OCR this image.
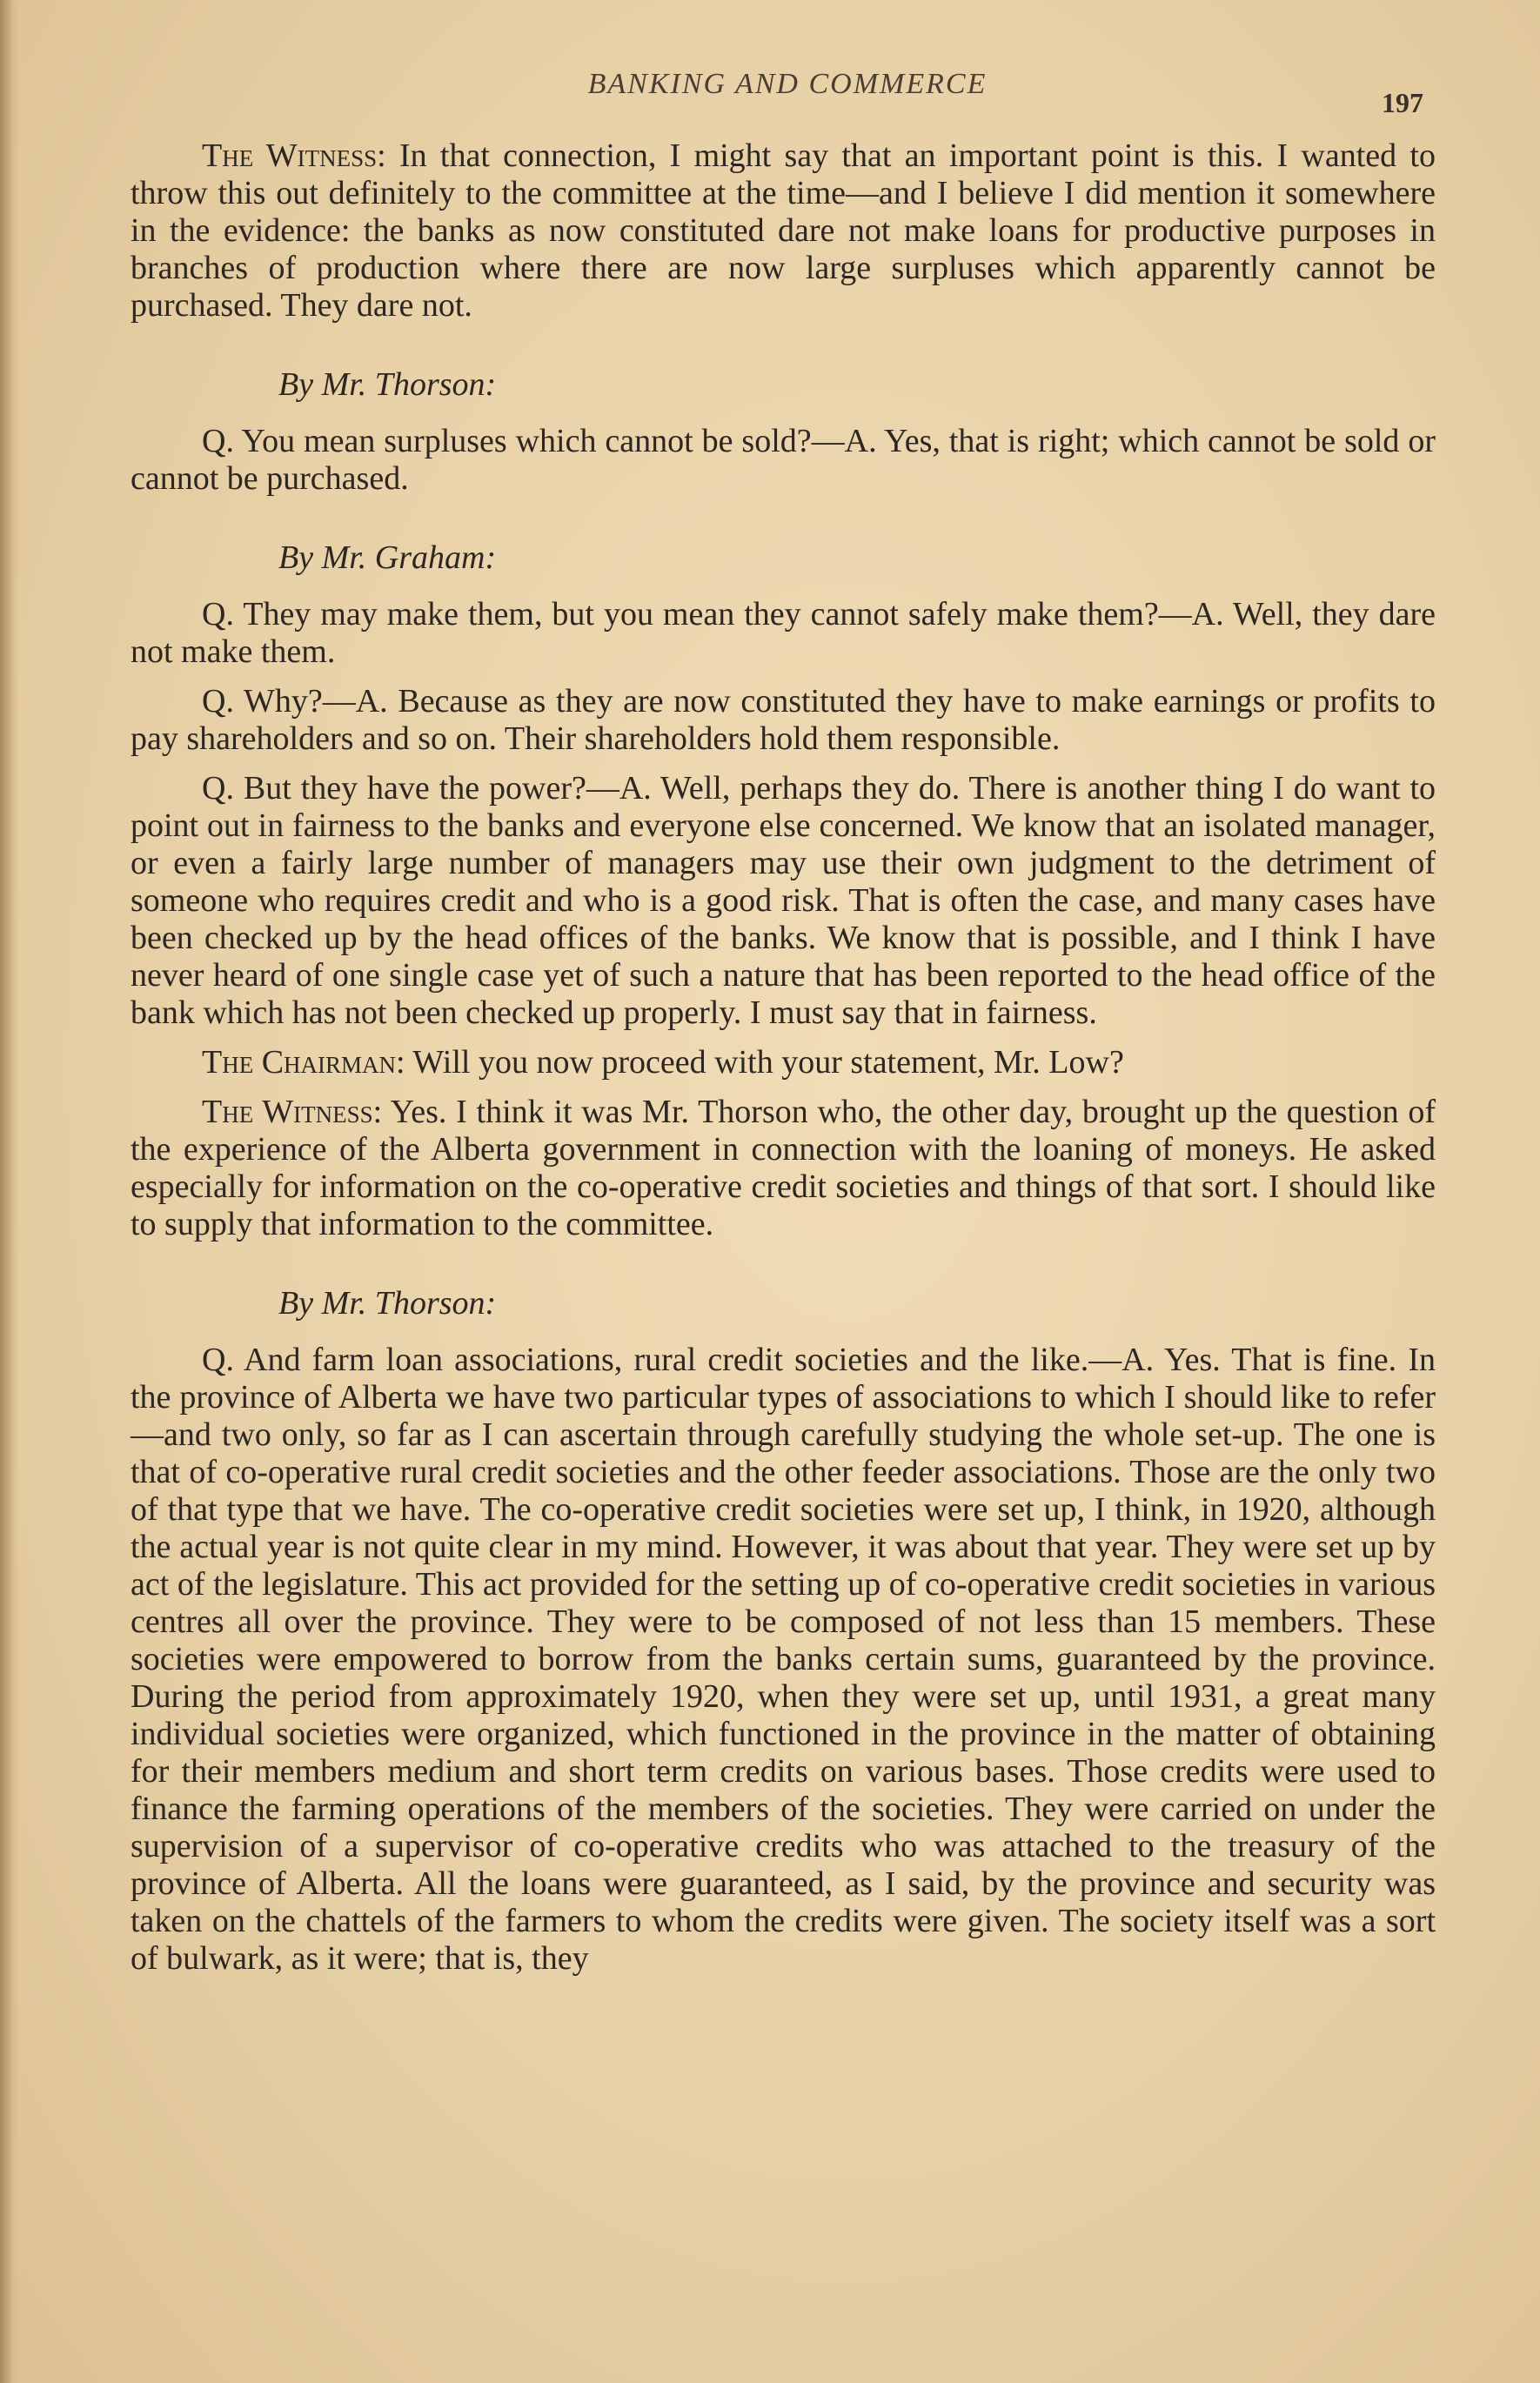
BANKING AND COMMERCE
197

The Witness: In that connection, I might say that an important point is this. I wanted to throw this out definitely to the committee at the time—and I believe I did mention it somewhere in the evidence: the banks as now constituted dare not make loans for productive purposes in branches of production where there are now large surpluses which apparently cannot be purchased. They dare not.

By Mr. Thorson:

Q. You mean surpluses which cannot be sold?—A. Yes, that is right; which cannot be sold or cannot be purchased.

By Mr. Graham:

Q. They may make them, but you mean they cannot safely make them?—A. Well, they dare not make them.

Q. Why?—A. Because as they are now constituted they have to make earnings or profits to pay shareholders and so on. Their shareholders hold them responsible.

Q. But they have the power?—A. Well, perhaps they do. There is another thing I do want to point out in fairness to the banks and everyone else concerned. We know that an isolated manager, or even a fairly large number of managers may use their own judgment to the detriment of someone who requires credit and who is a good risk. That is often the case, and many cases have been checked up by the head offices of the banks. We know that is possible, and I think I have never heard of one single case yet of such a nature that has been reported to the head office of the bank which has not been checked up properly. I must say that in fairness.

The Chairman: Will you now proceed with your statement, Mr. Low?

The Witness: Yes. I think it was Mr. Thorson who, the other day, brought up the question of the experience of the Alberta government in connection with the loaning of moneys. He asked especially for information on the co-operative credit societies and things of that sort. I should like to supply that information to the committee.

By Mr. Thorson:

Q. And farm loan associations, rural credit societies and the like.—A. Yes. That is fine. In the province of Alberta we have two particular types of associations to which I should like to refer—and two only, so far as I can ascertain through carefully studying the whole set-up. The one is that of co-operative rural credit societies and the other feeder associations. Those are the only two of that type that we have. The co-operative credit societies were set up, I think, in 1920, although the actual year is not quite clear in my mind. However, it was about that year. They were set up by act of the legislature. This act provided for the setting up of co-operative credit societies in various centres all over the province. They were to be composed of not less than 15 members. These societies were empowered to borrow from the banks certain sums, guaranteed by the province. During the period from approximately 1920, when they were set up, until 1931, a great many individual societies were organized, which functioned in the province in the matter of obtaining for their members medium and short term credits on various bases. Those credits were used to finance the farming operations of the members of the societies. They were carried on under the supervision of a supervisor of co-operative credits who was attached to the treasury of the province of Alberta. All the loans were guaranteed, as I said, by the province and security was taken on the chattels of the farmers to whom the credits were given. The society itself was a sort of bulwark, as it were; that is, they
